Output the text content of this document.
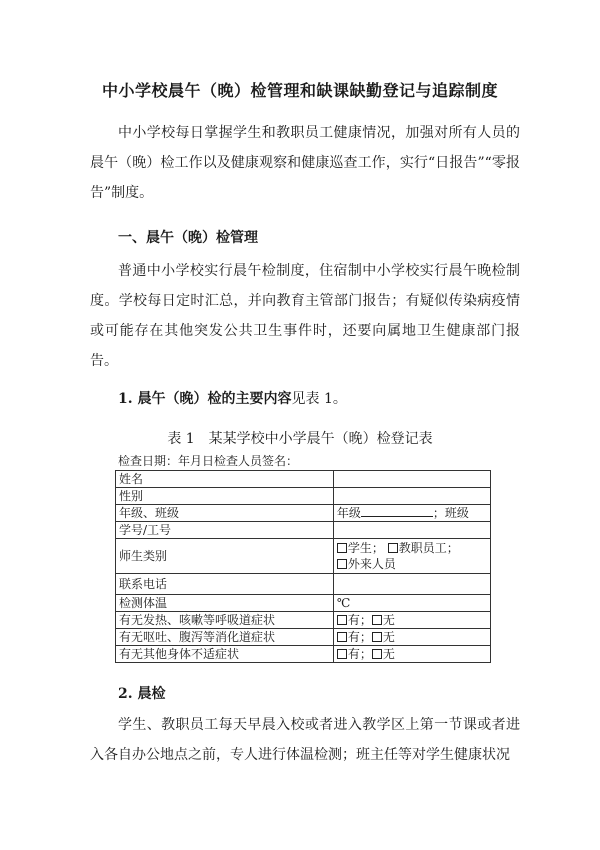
中小学校晨午（晚）检管理和缺课缺勤登记与追踪制度

中小学校每日掌握学生和教职员工健康情况，加强对所有人员的晨午（晚）检工作以及健康观察和健康巡查工作，实行“日报告”“零报告”制度。

一、晨午（晚）检管理

普通中小学校实行晨午检制度，住宿制中小学校实行晨午晚检制度。学校每日定时汇总，并向教育主管部门报告；有疑似传染病疫情或可能存在其他突发公共卫生事件时，还要向属地卫生健康部门报告。

1. 晨午（晚）检的主要内容见表 1。
表 1　某某学校中小学晨午（晚）检登记表
检查日期：年月日检查人员签名：
姓名	
性别	
年级、班级	年级 ；班级
学号/工号	
师生类别	学生； 教职员工；
外来人员
联系电话	
检测体温	℃
有无发热、咳嗽等呼吸道症状	有； 无
有无呕吐、腹泻等消化道症状	有； 无
有无其他身体不适症状	有； 无
2. 晨检

学生、教职员工每天早晨入校或者进入教学区上第一节课或者进入各自办公地点之前，专人进行体温检测；班主任等对学生健康状况
